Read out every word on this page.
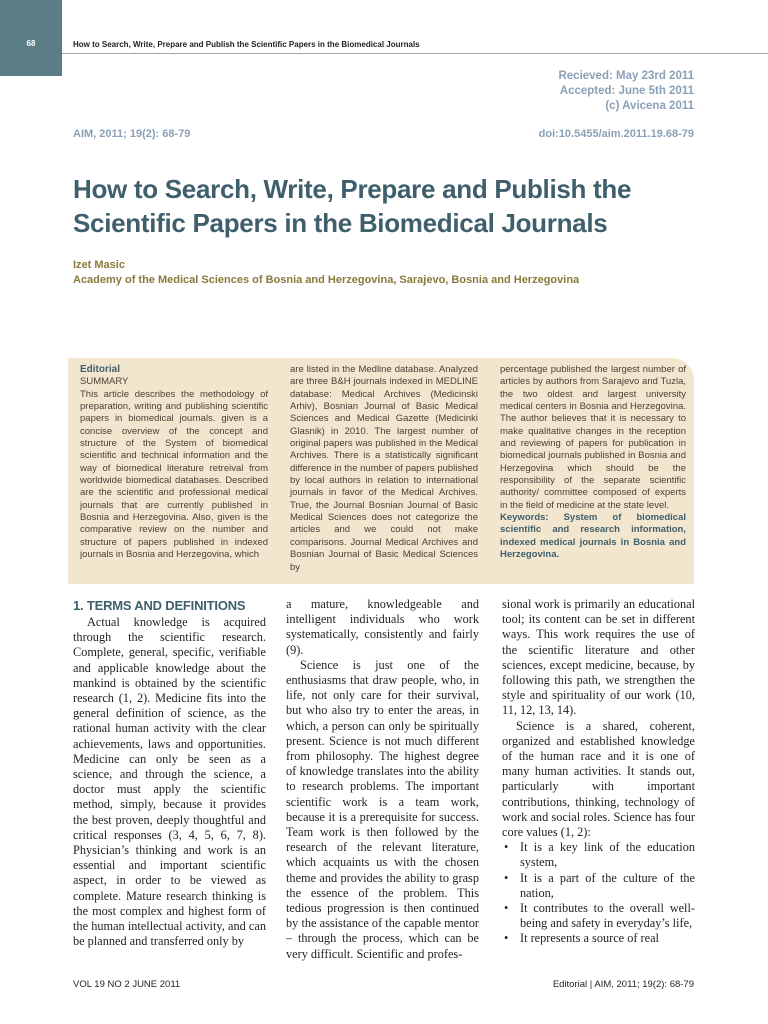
68	How to Search, Write, Prepare and Publish the Scientific Papers in the Biomedical Journals
Recieved: May 23rd 2011
Accepted: June 5th 2011
(c) Avicena 2011
AIM, 2011; 19(2): 68-79	doi:10.5455/aim.2011.19.68-79
How to Search, Write, Prepare and Publish the Scientific Papers in the Biomedical Journals
Izet Masic
Academy of the Medical Sciences of Bosnia and Herzegovina, Sarajevo, Bosnia and Herzegovina
Editorial
SUMMARY

This article describes the methodology of preparation, writing and publishing scientific papers in biomedical journals. given is a concise overview of the concept and structure of the System of biomedical scientific and technical information and the way of biomedical literature retreival from worldwide biomedical databases. Described are the scientific and professional medical journals that are currently published in Bosnia and Herzegovina. Also, given is the comparative review on the number and structure of papers published in indexed journals in Bosnia and Herzegovina, which

are listed in the Medline database. Analyzed are three B&H journals indexed in MEDLINE database: Medical Archives (Medicinski Arhiv), Bosnian Journal of Basic Medical Sciences and Medical Gazette (Medicinki Glasnik) in 2010. The largest number of original papers was published in the Medical Archives. There is a statistically significant difference in the number of papers published by local authors in relation to international journals in favor of the Medical Archives. True, the Journal Bosnian Journal of Basic Medical Sciences does not categorize the articles and we could not make comparisons. Journal Medical Archives and Bosnian Journal of Basic Medical Sciences by

percentage published the largest number of articles by authors from Sarajevo and Tuzla, the two oldest and largest university medical centers in Bosnia and Herzegovina. The author believes that it is necessary to make qualitative changes in the reception and reviewing of papers for publication in biomedical journals published in Bosnia and Herzegovina which should be the responsibility of the separate scientific authority/ committee composed of experts in the field of medicine at the state level.

Keywords: System of biomedical scientific and research information, indexed medical journals in Bosnia and Herzegovina.

1. TERMS AND DEFINITIONS

Actual knowledge is acquired through the scientific research. Complete, general, specific, verifiable and applicable knowledge about the mankind is obtained by the scientific research (1, 2). Medicine fits into the general definition of science, as the rational human activity with the clear achievements, laws and opportunities. Medicine can only be seen as a science, and through the science, a doctor must apply the scientific method, simply, because it provides the best proven, deeply thoughtful and critical responses (3, 4, 5, 6, 7, 8). Physician’s thinking and work is an essential and important scientific aspect, in order to be viewed as complete. Mature research thinking is the most complex and highest form of the human intellectual activity, and can be planned and transferred only by

a mature, knowledgeable and intelligent individuals who work systematically, consistently and fairly (9).

Science is just one of the enthusiasms that draw people, who, in life, not only care for their survival, but who also try to enter the areas, in which, a person can only be spiritually present. Science is not much different from philosophy. The highest degree of knowledge translates into the ability to research problems. The important scientific work is a team work, because it is a prerequisite for success. Team work is then followed by the research of the relevant literature, which acquaints us with the chosen theme and provides the ability to grasp the essence of the problem. This tedious progression is then continued by the assistance of the capable mentor – through the process, which can be very difficult. Scientific and profes-

sional work is primarily an educational tool; its content can be set in different ways. This work requires the use of the scientific literature and other sciences, except medicine, because, by following this path, we strengthen the style and spirituality of our work (10, 11, 12, 13, 14).

Science is a shared, coherent, organized and established knowledge of the human race and it is one of many human activities. It stands out, particularly with important contributions, thinking, technology of work and social roles. Science has four core values (1, 2):

• It is a key link of the education system,
• It is a part of the culture of the nation,
• It contributes to the overall well-being and safety in everyday’s life,
• It represents a source of real
VOL 19 NO 2 JUNE 2011	Editorial | AIM, 2011; 19(2): 68-79
